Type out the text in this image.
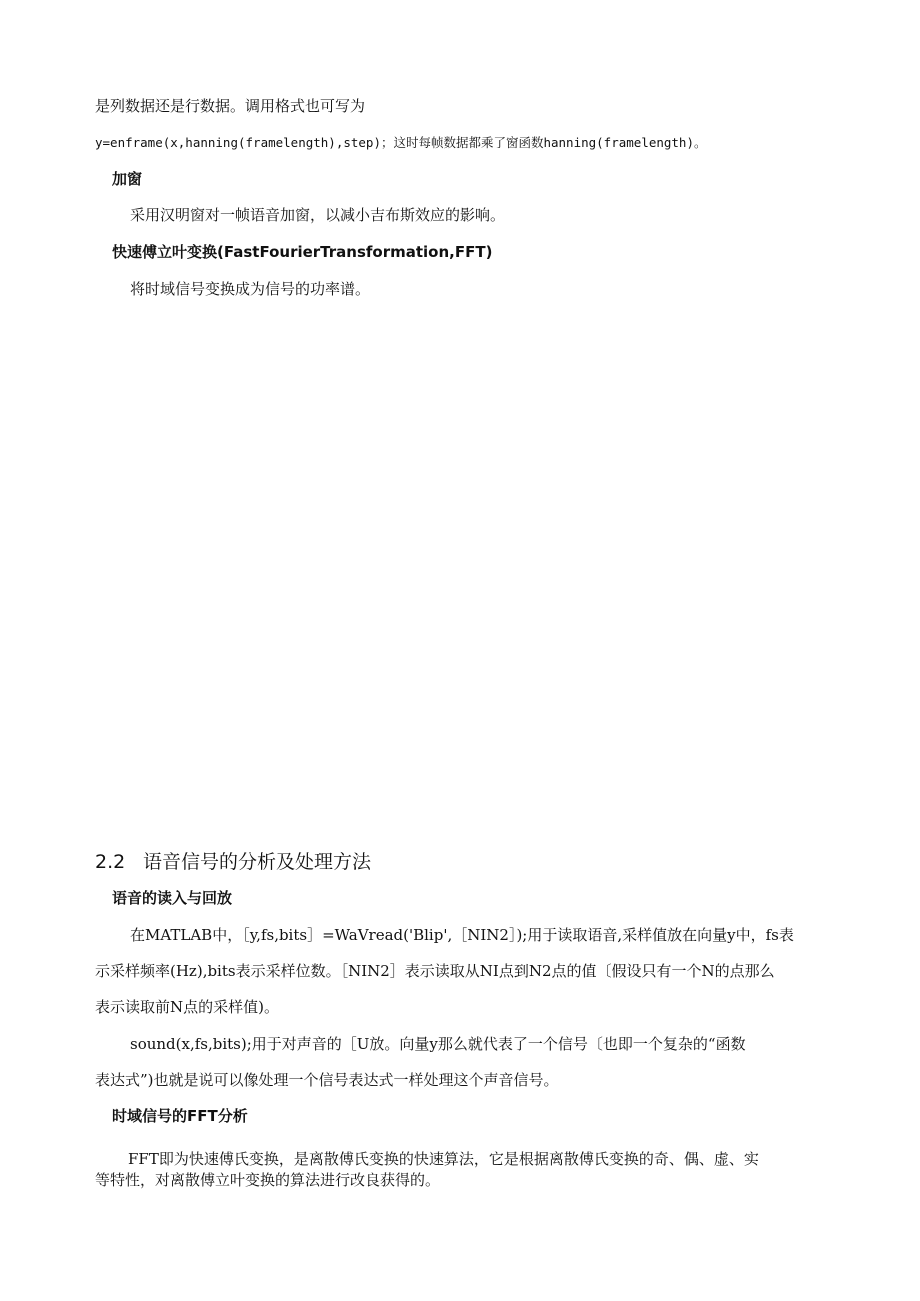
是列数据还是行数据。调用格式也可写为
y=enframe(x,hanning(framelength),step)；这时每帧数据都乘了窗函数hanning(framelength)。
加窗
采用汉明窗对一帧语音加窗，以减小吉布斯效应的影响。
快速傅立叶变换(FastFourierTransformation,FFT)
将时域信号变换成为信号的功率谱。
2.2 语音信号的分析及处理方法
语音的读入与回放
在MATLAB中，［y,fs,bits］=WaVread('Blip',［NIN2］);用于读取语音,采样值放在向量y中，fs表
示采样频率(Hz),bits表示采样位数。［NIN2］表示读取从NI点到N2点的值〔假设只有一个N的点那么
表示读取前N点的采样值)。
sound(x,fs,bits);用于对声音的［U放。向量y那么就代表了一个信号〔也即一个复杂的“函数
表达式”)也就是说可以像处理一个信号表达式一样处理这个声音信号。
时域信号的FFT分析
FFT即为快速傅氏变换，是离散傅氏变换的快速算法，它是根据离散傅氏变换的奇、偶、虚、实
等特性，对离散傅立叶变换的算法进行改良获得的。
